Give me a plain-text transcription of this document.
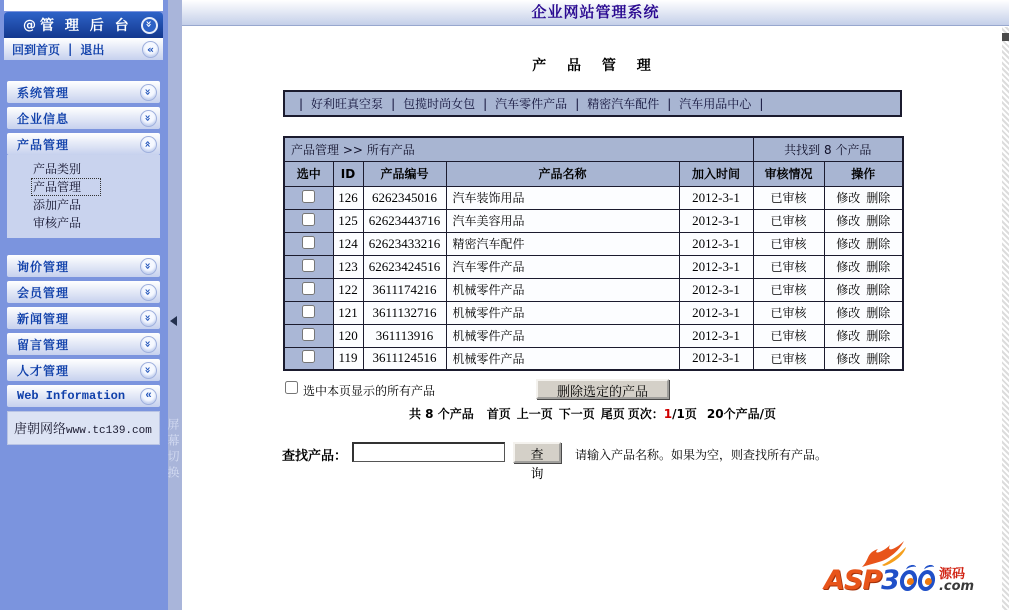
@ 管 理 后 台 »
回到首页 | 退出	«
系统管理	»
企业信息	»
产品管理	«
产品类别
产品管理
添加产品
审核产品
询价管理	»
会员管理	»
新闻管理	»
留言管理	»
人才管理	»
Web Information	«
唐朝网络www.tc139.com	屏幕切换
企业网站管理系统
产 品 管 理
| 好利旺真空泵 | 包揽时尚女包 | 汽车零件产品 | 精密汽车配件 | 汽车用品中心 |
产品管理 >> 所有产品					共找到 8 个产品	
选中	ID	产品编号	产品名称	加入时间	审核情况	操作
	126	6262345016	汽车装饰用品	2012-3-1	已审核	修改 删除
	125	62623443716	汽车美容用品	2012-3-1	已审核	修改 删除
	124	62623433216	精密汽车配件	2012-3-1	已审核	修改 删除
	123	62623424516	汽车零件产品	2012-3-1	已审核	修改 删除
	122	3611174216	机械零件产品	2012-3-1	已审核	修改 删除
	121	3611132716	机械零件产品	2012-3-1	已审核	修改 删除
	120	361113916	机械零件产品	2012-3-1	已审核	修改 删除
	119	3611124516	机械零件产品	2012-3-1	已审核	修改 删除
选中本页显示的所有产品	删除选定的产品
共 8 个产品 首页 上一页 下一页 尾页 页次：1/1页 20个产品/页
查找产品：	查 询
请输入产品名称。如果为空，则查找所有产品。
ASP 3	源码
.com
